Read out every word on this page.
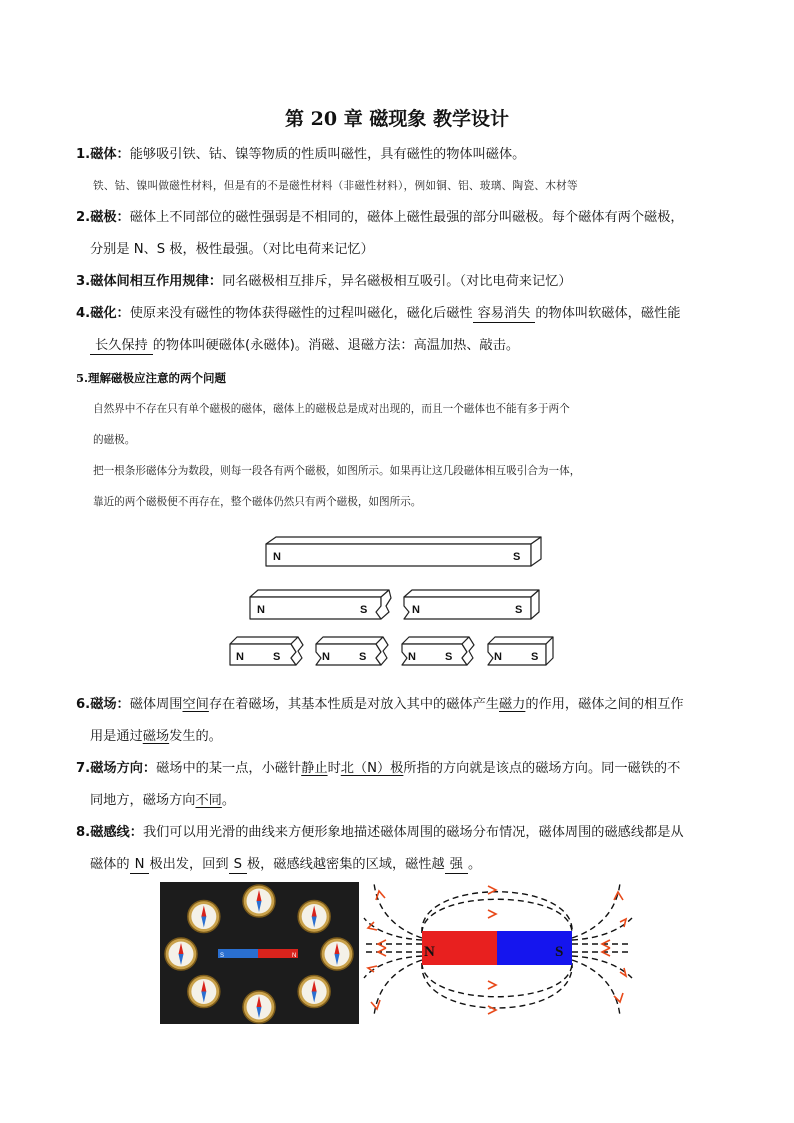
第 20 章 磁现象 教学设计
1.磁体：能够吸引铁、钴、镍等物质的性质叫磁性，具有磁性的物体叫磁体。
铁、钴、镍叫做磁性材料，但是有的不是磁性材料（非磁性材料），例如铜、铝、玻璃、陶瓷、木材等
2.磁极：磁体上不同部位的磁性强弱是不相同的，磁体上磁性最强的部分叫磁极。每个磁体有两个磁极，
分别是 N、S 极，极性最强。（对比电荷来记忆）
3.磁体间相互作用规律：同名磁极相互排斥，异名磁极相互吸引。（对比电荷来记忆）
4.磁化：使原来没有磁性的物体获得磁性的过程叫磁化，磁化后磁性 容易消失 的物体叫软磁体，磁性能
长久保持 的物体叫硬磁体(永磁体)。消磁、退磁方法：高温加热、敲击。
5.理解磁极应注意的两个问题
自然界中不存在只有单个磁极的磁体，磁体上的磁极总是成对出现的，而且一个磁体也不能有多于两个
的磁极。
把一根条形磁体分为数段，则每一段各有两个磁极，如图所示。如果再让这几段磁体相互吸引合为一体，
靠近的两个磁极便不再存在，整个磁体仍然只有两个磁极，如图所示。
N	S
N	S	N	S
N	S	N	S	N	S	N	S
6.磁场：磁体周围空间存在着磁场，其基本性质是对放入其中的磁体产生磁力的作用，磁体之间的相互作
用是通过磁场发生的。
7.磁场方向：磁场中的某一点，小磁针静止时北（N）极所指的方向就是该点的磁场方向。同一磁铁的不
同地方，磁场方向不同。
8.磁感线：我们可以用光滑的曲线来方便形象地描述磁体周围的磁场分布情况，磁体周围的磁感线都是从
磁体的 N 极出发，回到 S 极，磁感线越密集的区域，磁性越 强 。
S	N	N	S
